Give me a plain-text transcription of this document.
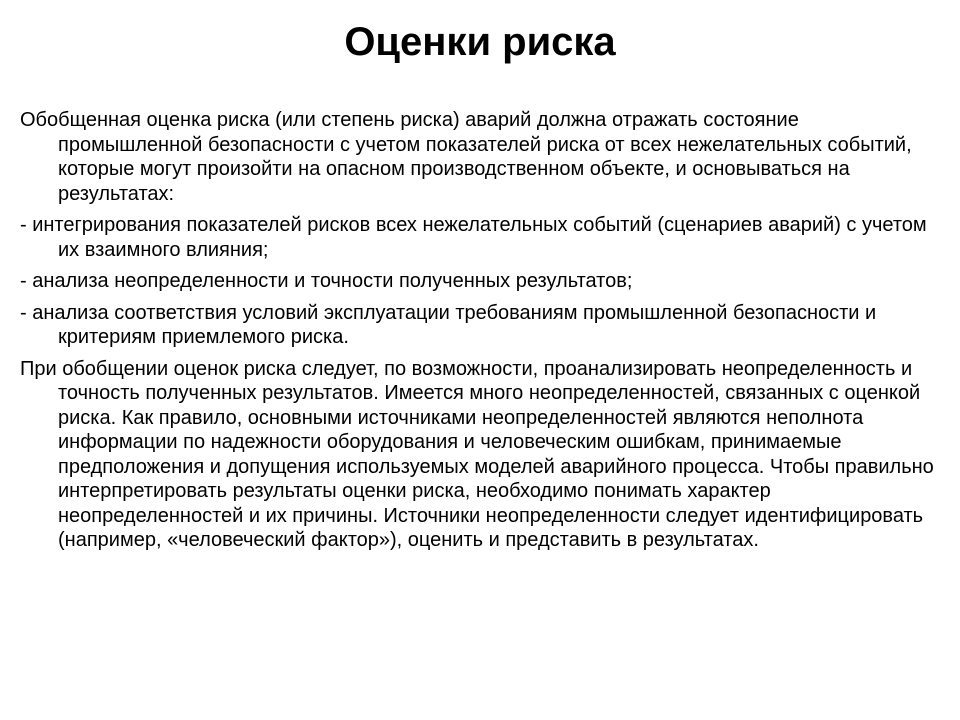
Оценки риска

Обобщенная оценка риска (или степень риска) аварий должна отражать состояние промышленной безопасности с учетом показателей риска от всех нежелательных событий, которые могут произойти на опасном производственном объекте, и основываться на результатах:

- интегрирования показателей рисков всех нежелательных событий (сценариев аварий) с учетом их взаимного влияния;

- анализа неопределенности и точности полученных результатов;

- анализа соответствия условий эксплуатации требованиям промышленной безопасности и критериям приемлемого риска.

При обобщении оценок риска следует, по возможности, проанализировать неопределенность и точность полученных результатов. Имеется много неопределенностей, связанных с оценкой риска. Как правило, основными источниками неопределенностей являются неполнота информации по надежности оборудования и человеческим ошибкам, принимаемые предположения и допущения используемых моделей аварийного процесса. Чтобы правильно интерпретировать результаты оценки риска, необходимо понимать характер неопределенностей и их причины. Источники неопределенности следует идентифицировать (например, «человеческий фактор»), оценить и представить в результатах.
